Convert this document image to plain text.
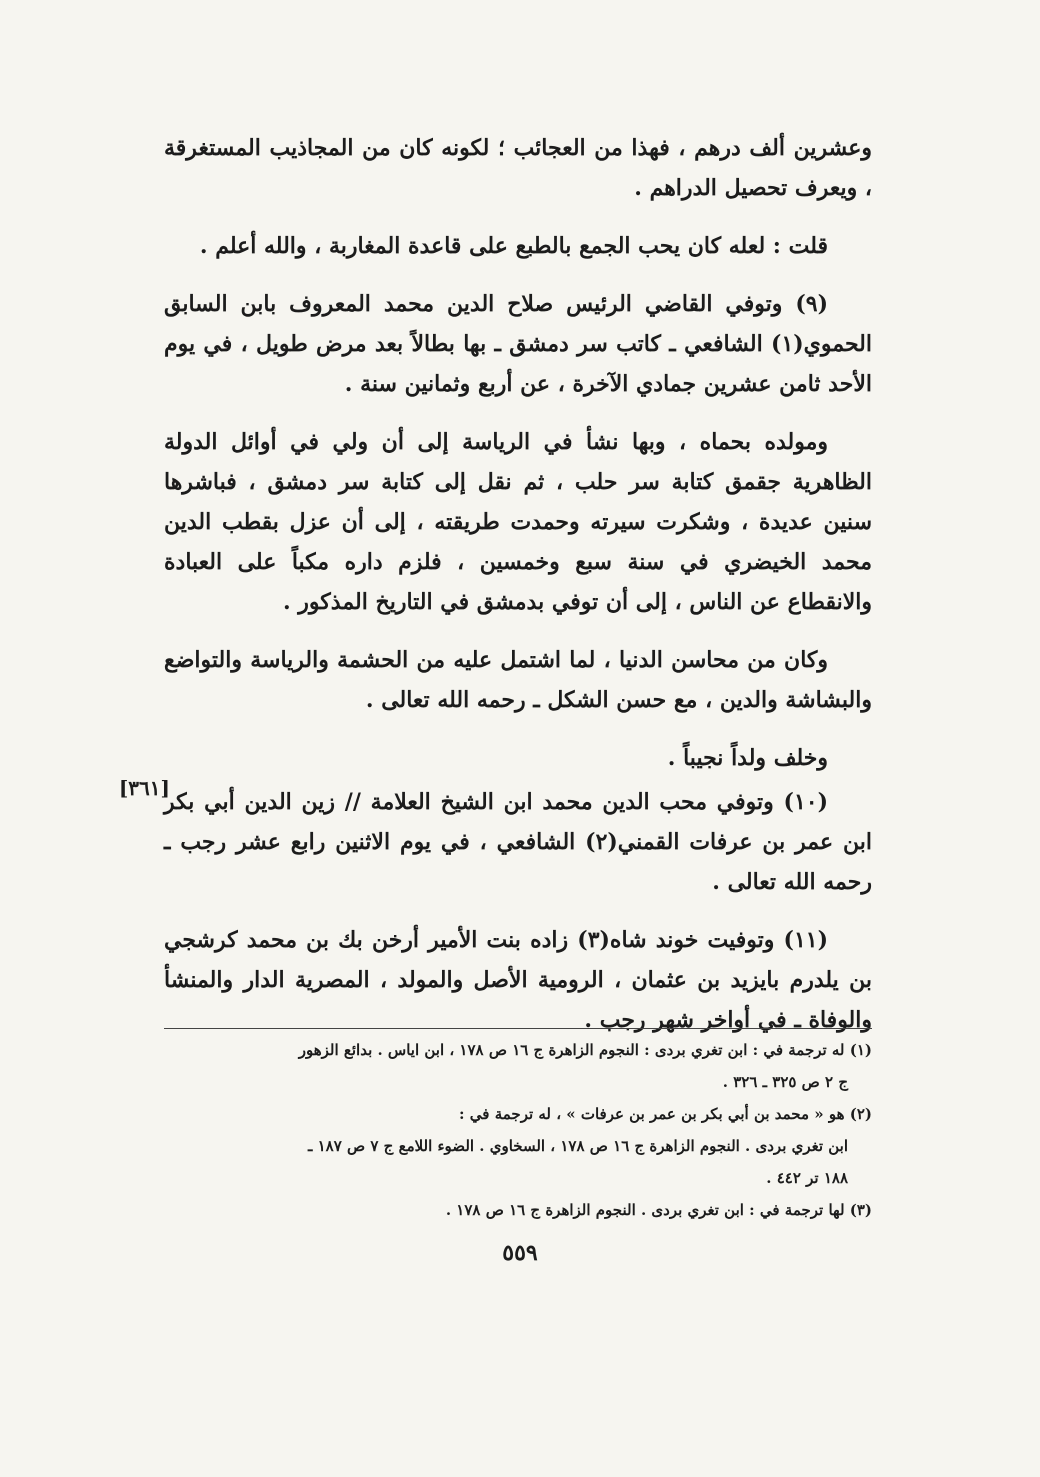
وعشرين ألف درهم ، فهذا من العجائب ؛ لكونه كان من المجاذيب المستغرقة ، ويعرف تحصيل الدراهم .

قلت : لعله كان يحب الجمع بالطبع على قاعدة المغاربة ، والله أعلم .

(٩) وتوفي القاضي الرئيس صلاح الدين محمد المعروف بابن السابق الحموي(١) الشافعي ـ كاتب سر دمشق ـ بها بطالاً بعد مرض طويل ، في يوم الأحد ثامن عشرين جمادي الآخرة ، عن أربع وثمانين سنة .

ومولده بحماه ، وبها نشأ في الرياسة إلى أن ولي في أوائل الدولة الظاهرية جقمق كتابة سر حلب ، ثم نقل إلى كتابة سر دمشق ، فباشرها سنين عديدة ، وشكرت سيرته وحمدت طريقته ، إلى أن عزل بقطب الدين محمد الخيضري في سنة سبع وخمسين ، فلزم داره مكباً على العبادة والانقطاع عن الناس ، إلى أن توفي بدمشق في التاريخ المذكور .

وكان من محاسن الدنيا ، لما اشتمل عليه من الحشمة والرياسة والتواضع والبشاشة والدين ، مع حسن الشكل ـ رحمه الله تعالى .

وخلف ولداً نجيباً .

(١٠) وتوفي محب الدين محمد ابن الشيخ العلامة // زين الدين أبي بكر ابن عمر بن عرفات القمني(٢) الشافعي ، في يوم الاثنين رابع عشر رجب ـ رحمه الله تعالى .

(١١) وتوفيت خوند شاه(٣) زاده بنت الأمير أرخن بك بن محمد كرشجي بن يلدرم بايزيد بن عثمان ، الرومية الأصل والمولد ، المصرية الدار والمنشأ والوفاة ـ في أواخر شهر رجب .

[٣٦١]

(١) له ترجمة في : ابن تغري بردى : النجوم الزاهرة ج ١٦ ص ١٧٨ ، ابن اياس . بدائع الزهور

ج ٢ ص ٣٢٥ ـ ٣٢٦ .

(٢) هو « محمد بن أبي بكر بن عمر بن عرفات » ، له ترجمة في :

ابن تغري بردى . النجوم الزاهرة ج ١٦ ص ١٧٨ ، السخاوي . الضوء اللامع ج ٧ ص ١٨٧ ـ

١٨٨ تر ٤٤٢ .

(٣) لها ترجمة في : ابن تغري بردى . النجوم الزاهرة ج ١٦ ص ١٧٨ .

٥٥٩
